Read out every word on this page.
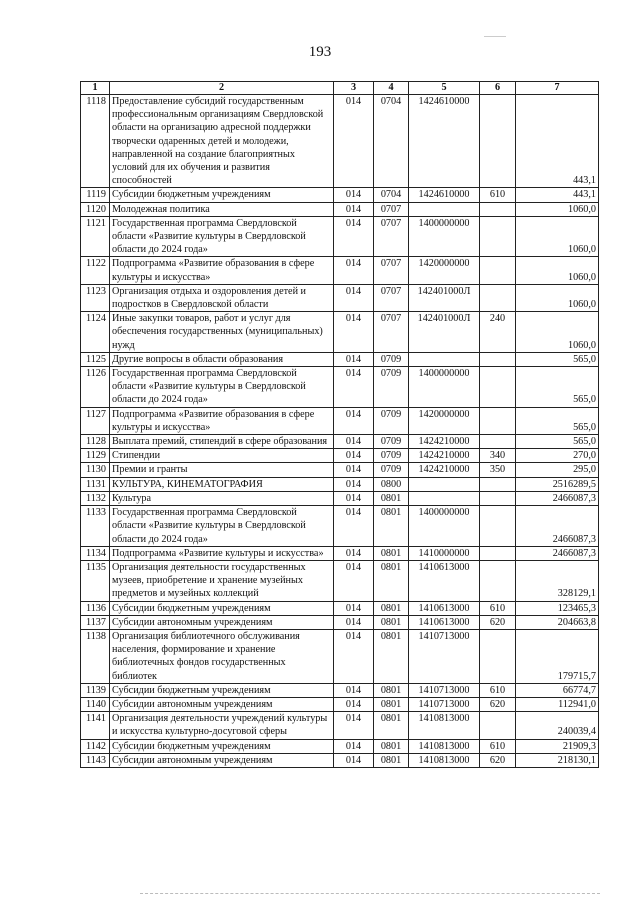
193
1	2	3	4	5	6	7
1118	Предоставление субсидий государственным профессиональным организациям Свердловской области на организацию адресной поддержки творчески одаренных детей и молодежи, направленной на создание благоприятных условий для их обучения и развития способностей	014	0704	1424610000		443,1
1119	Субсидии бюджетным учреждениям	014	0704	1424610000	610	443,1
1120	Молодежная политика	014	0707			1060,0
1121	Государственная программа Свердловской области «Развитие культуры в Свердловской области до 2024 года»	014	0707	1400000000		1060,0
1122	Подпрограмма «Развитие образования в сфере культуры и искусства»	014	0707	1420000000		1060,0
1123	Организация отдыха и оздоровления детей и подростков в Свердловской области	014	0707	142401000Л		1060,0
1124	Иные закупки товаров, работ и услуг для обеспечения государственных (муниципальных) нужд	014	0707	142401000Л	240	1060,0
1125	Другие вопросы в области образования	014	0709			565,0
1126	Государственная программа Свердловской области «Развитие культуры в Свердловской области до 2024 года»	014	0709	1400000000		565,0
1127	Подпрограмма «Развитие образования в сфере культуры и искусства»	014	0709	1420000000		565,0
1128	Выплата премий, стипендий в сфере образования	014	0709	1424210000		565,0
1129	Стипендии	014	0709	1424210000	340	270,0
1130	Премии и гранты	014	0709	1424210000	350	295,0
1131	КУЛЬТУРА, КИНЕМАТОГРАФИЯ	014	0800			2516289,5
1132	Культура	014	0801			2466087,3
1133	Государственная программа Свердловской области «Развитие культуры в Свердловской области до 2024 года»	014	0801	1400000000		2466087,3
1134	Подпрограмма «Развитие культуры и искусства»	014	0801	1410000000		2466087,3
1135	Организация деятельности государственных музеев, приобретение и хранение музейных предметов и музейных коллекций	014	0801	1410613000		328129,1
1136	Субсидии бюджетным учреждениям	014	0801	1410613000	610	123465,3
1137	Субсидии автономным учреждениям	014	0801	1410613000	620	204663,8
1138	Организация библиотечного обслуживания населения, формирование и хранение библиотечных фондов государственных библиотек	014	0801	1410713000		179715,7
1139	Субсидии бюджетным учреждениям	014	0801	1410713000	610	66774,7
1140	Субсидии автономным учреждениям	014	0801	1410713000	620	112941,0
1141	Организация деятельности учреждений культуры и искусства культурно-досуговой сферы	014	0801	1410813000		240039,4
1142	Субсидии бюджетным учреждениям	014	0801	1410813000	610	21909,3
1143	Субсидии автономным учреждениям	014	0801	1410813000	620	218130,1
